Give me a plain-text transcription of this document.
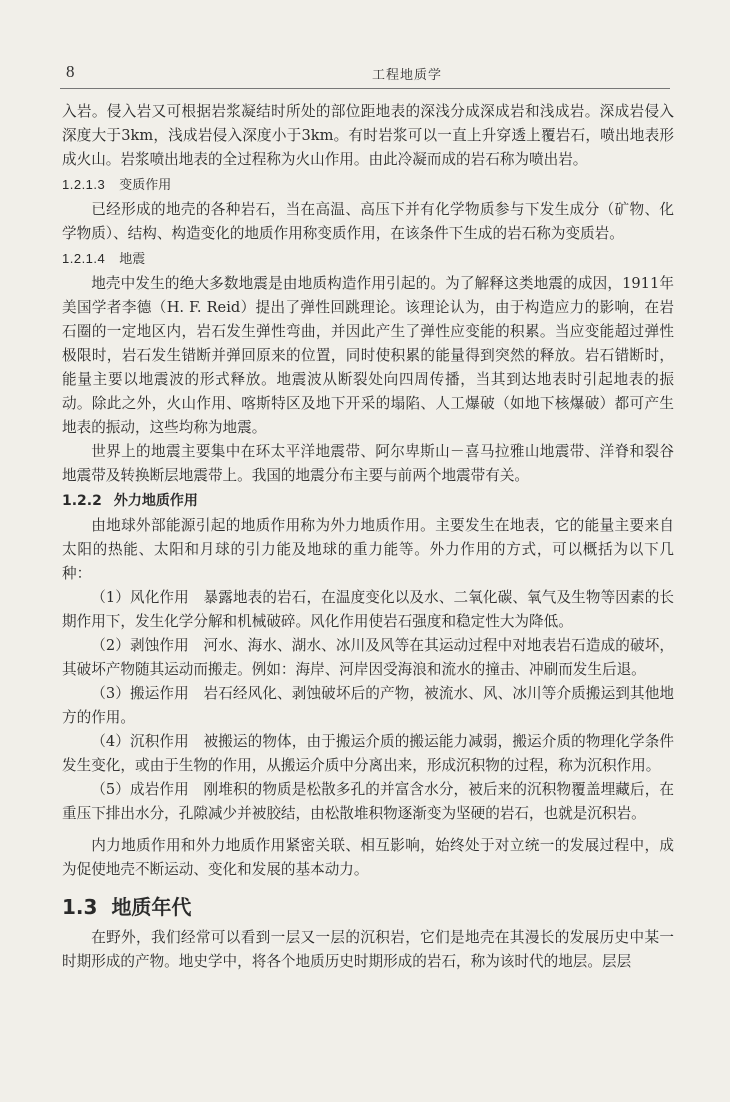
8	工程地质学

入岩。侵入岩又可根据岩浆凝结时所处的部位距地表的深浅分成深成岩和浅成岩。深成岩侵入深度大于3km，浅成岩侵入深度小于3km。有时岩浆可以一直上升穿透上覆岩石，喷出地表形成火山。岩浆喷出地表的全过程称为火山作用。由此冷凝而成的岩石称为喷出岩。

1.2.1.3 变质作用

已经形成的地壳的各种岩石，当在高温、高压下并有化学物质参与下发生成分（矿物、化学物质）、结构、构造变化的地质作用称变质作用，在该条件下生成的岩石称为变质岩。

1.2.1.4 地震

地壳中发生的绝大多数地震是由地质构造作用引起的。为了解释这类地震的成因，1911年美国学者李德（H. F. Reid）提出了弹性回跳理论。该理论认为，由于构造应力的影响，在岩石圈的一定地区内，岩石发生弹性弯曲，并因此产生了弹性应变能的积累。当应变能超过弹性极限时，岩石发生错断并弹回原来的位置，同时使积累的能量得到突然的释放。岩石错断时，能量主要以地震波的形式释放。地震波从断裂处向四周传播，当其到达地表时引起地表的振动。除此之外，火山作用、喀斯特区及地下开采的塌陷、人工爆破（如地下核爆破）都可产生地表的振动，这些均称为地震。

世界上的地震主要集中在环太平洋地震带、阿尔卑斯山－喜马拉雅山地震带、洋脊和裂谷地震带及转换断层地震带上。我国的地震分布主要与前两个地震带有关。

1.2.2 外力地质作用

由地球外部能源引起的地质作用称为外力地质作用。主要发生在地表，它的能量主要来自太阳的热能、太阳和月球的引力能及地球的重力能等。外力作用的方式，可以概括为以下几种：

（1）风化作用　暴露地表的岩石，在温度变化以及水、二氧化碳、氧气及生物等因素的长期作用下，发生化学分解和机械破碎。风化作用使岩石强度和稳定性大为降低。

（2）剥蚀作用　河水、海水、湖水、冰川及风等在其运动过程中对地表岩石造成的破坏，其破坏产物随其运动而搬走。例如：海岸、河岸因受海浪和流水的撞击、冲刷而发生后退。

（3）搬运作用　岩石经风化、剥蚀破坏后的产物，被流水、风、冰川等介质搬运到其他地方的作用。

（4）沉积作用　被搬运的物体，由于搬运介质的搬运能力减弱，搬运介质的物理化学条件发生变化，或由于生物的作用，从搬运介质中分离出来，形成沉积物的过程，称为沉积作用。

（5）成岩作用　刚堆积的物质是松散多孔的并富含水分，被后来的沉积物覆盖埋藏后，在重压下排出水分，孔隙减少并被胶结，由松散堆积物逐渐变为坚硬的岩石，也就是沉积岩。

内力地质作用和外力地质作用紧密关联、相互影响，始终处于对立统一的发展过程中，成为促使地壳不断运动、变化和发展的基本动力。

1.3 地质年代

在野外，我们经常可以看到一层又一层的沉积岩，它们是地壳在其漫长的发展历史中某一时期形成的产物。地史学中，将各个地质历史时期形成的岩石，称为该时代的地层。层层
